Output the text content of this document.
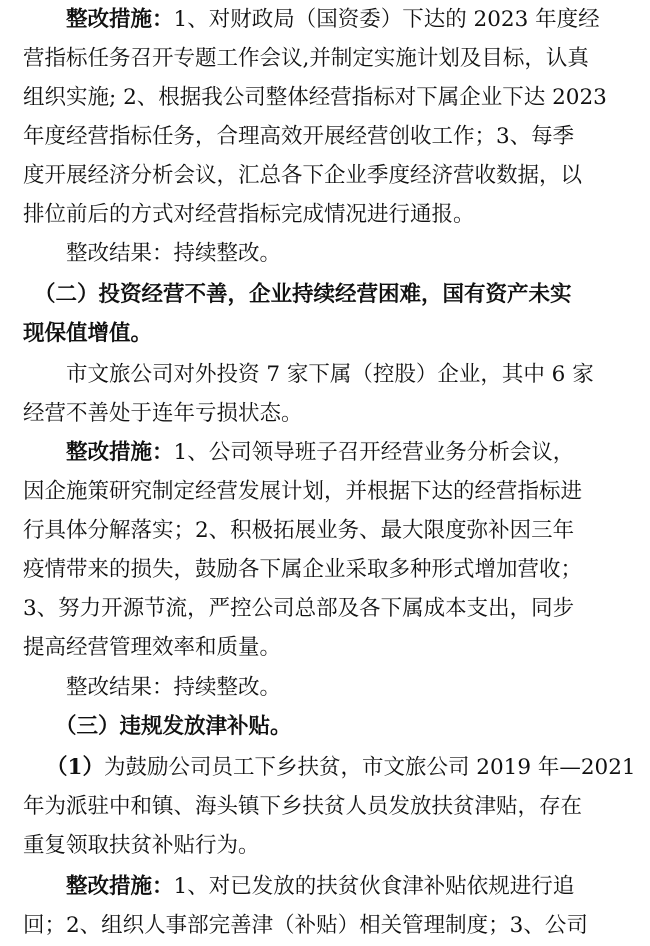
整改措施：1、对财政局（国资委）下达的 2023 年度经
营指标任务召开专题工作会议,并制定实施计划及目标，认真
组织实施; 2、根据我公司整体经营指标对下属企业下达 2023
年度经营指标任务，合理高效开展经营创收工作；3、每季
度开展经济分析会议，汇总各下企业季度经济营收数据，以
排位前后的方式对经营指标完成情况进行通报。
整改结果：持续整改。
（二）投资经营不善，企业持续经营困难，国有资产未实
现保值增值。
市文旅公司对外投资 7 家下属（控股）企业，其中 6 家
经营不善处于连年亏损状态。
整改措施：1、公司领导班子召开经营业务分析会议，
因企施策研究制定经营发展计划，并根据下达的经营指标进
行具体分解落实；2、积极拓展业务、最大限度弥补因三年
疫情带来的损失，鼓励各下属企业采取多种形式增加营收；
3、努力开源节流，严控公司总部及各下属成本支出，同步
提高经营管理效率和质量。
整改结果：持续整改。
（三）违规发放津补贴。
（1）为鼓励公司员工下乡扶贫，市文旅公司 2019 年—2021
年为派驻中和镇、海头镇下乡扶贫人员发放扶贫津贴，存在
重复领取扶贫补贴行为。
整改措施：1、对已发放的扶贫伙食津补贴依规进行追
回；2、组织人事部完善津（补贴）相关管理制度；3、公司
